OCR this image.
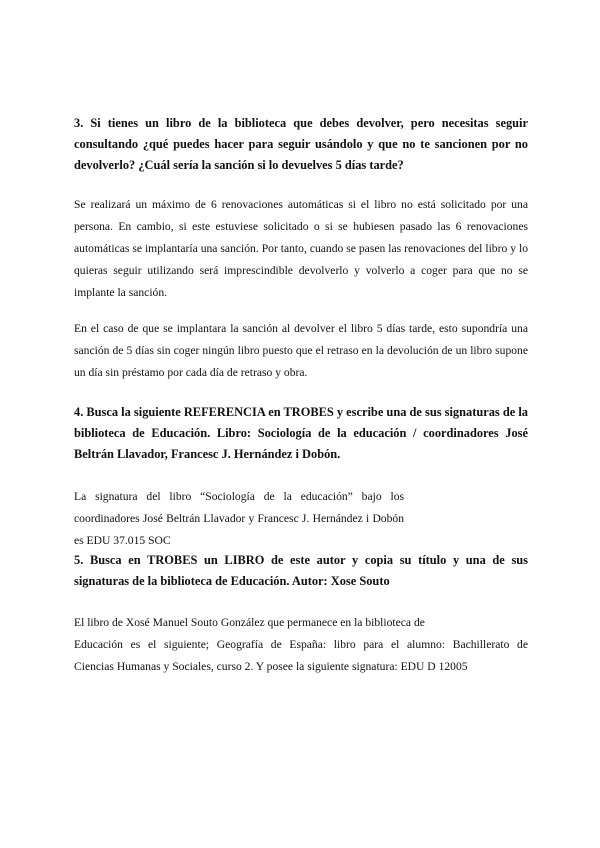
3. Si tienes un libro de la biblioteca que debes devolver, pero necesitas seguir consultando ¿qué puedes hacer para seguir usándolo y que no te sancionen por no devolverlo? ¿Cuál sería la sanción si lo devuelves 5 días tarde?

Se realizará un máximo de 6 renovaciones automáticas si el libro no está solicitado por una persona. En cambio, si este estuviese solicitado o si se hubiesen pasado las 6 renovaciones automáticas se implantaría una sanción. Por tanto, cuando se pasen las renovaciones del libro y lo quieras seguir utilizando será imprescindible devolverlo y volverlo a coger para que no se implante la sanción.

En el caso de que se implantara la sanción al devolver el libro 5 días tarde, esto supondría una sanción de 5 días sin coger ningún libro puesto que el retraso en la devolución de un libro supone un día sin préstamo por cada día de retraso y obra.

4. Busca la siguiente REFERENCIA en TROBES y escribe una de sus signaturas de la biblioteca de Educación. Libro: Sociología de la educación / coordinadores José Beltrán Llavador, Francesc J. Hernández i Dobón.
La signatura del libro “Sociología de la educación” bajo los coordinadores José Beltrán Llavador y Francesc J. Hernández i Dobón es EDU 37.015 SOC
5. Busca en TROBES un LIBRO de este autor y copia su título y una de sus signaturas de la biblioteca de Educación. Autor: Xose Souto
El libro de Xosé Manuel Souto González que permanece en la biblioteca de
Educación es el siguiente; Geografía de España: libro para el alumno: Bachillerato de
Ciencias Humanas y Sociales, curso 2. Y posee la siguiente signatura: EDU D 12005
